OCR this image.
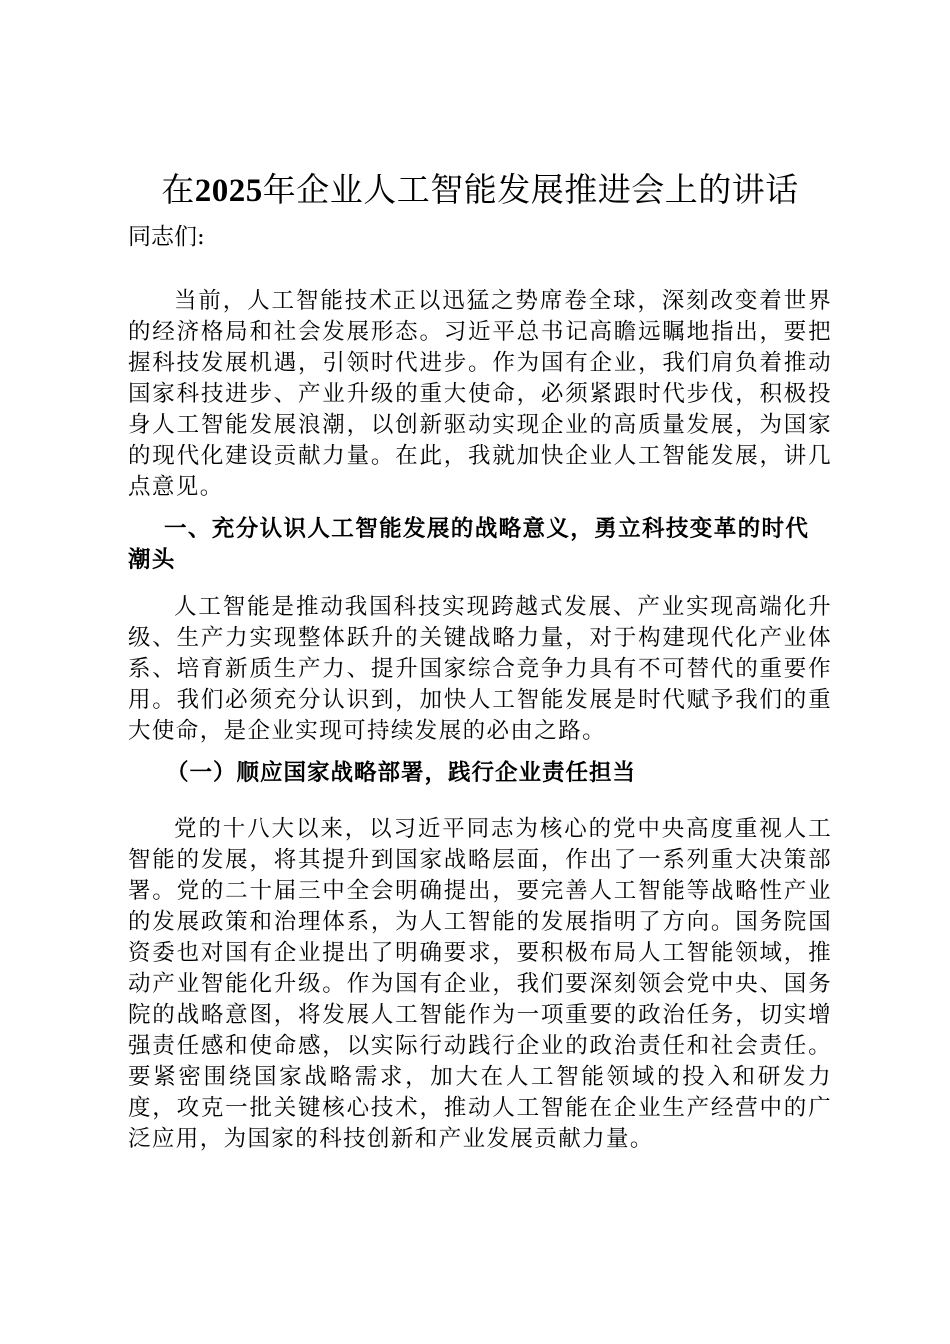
在2025年企业人工智能发展推进会上的讲话
同志们:

当前，人工智能技术正以迅猛之势席卷全球，深刻改变着世界的经济格局和社会发展形态。习近平总书记高瞻远瞩地指出，要把握科技发展机遇，引领时代进步。作为国有企业，我们肩负着推动国家科技进步、产业升级的重大使命，必须紧跟时代步伐，积极投身人工智能发展浪潮，以创新驱动实现企业的高质量发展，为国家的现代化建设贡献力量。在此，我就加快企业人工智能发展，讲几点意见。

一、充分认识人工智能发展的战略意义，勇立科技变革的时代潮头

人工智能是推动我国科技实现跨越式发展、产业实现高端化升级、生产力实现整体跃升的关键战略力量，对于构建现代化产业体系、培育新质生产力、提升国家综合竞争力具有不可替代的重要作用。我们必须充分认识到，加快人工智能发展是时代赋予我们的重大使命，是企业实现可持续发展的必由之路。

（一）顺应国家战略部署，践行企业责任担当

党的十八大以来，以习近平同志为核心的党中央高度重视人工智能的发展，将其提升到国家战略层面，作出了一系列重大决策部署。党的二十届三中全会明确提出，要完善人工智能等战略性产业的发展政策和治理体系，为人工智能的发展指明了方向。国务院国资委也对国有企业提出了明确要求，要积极布局人工智能领域，推动产业智能化升级。作为国有企业，我们要深刻领会党中央、国务院的战略意图，将发展人工智能作为一项重要的政治任务，切实增强责任感和使命感，以实际行动践行企业的政治责任和社会责任。要紧密围绕国家战略需求，加大在人工智能领域的投入和研发力度，攻克一批关键核心技术，推动人工智能在企业生产经营中的广泛应用，为国家的科技创新和产业发展贡献力量。
